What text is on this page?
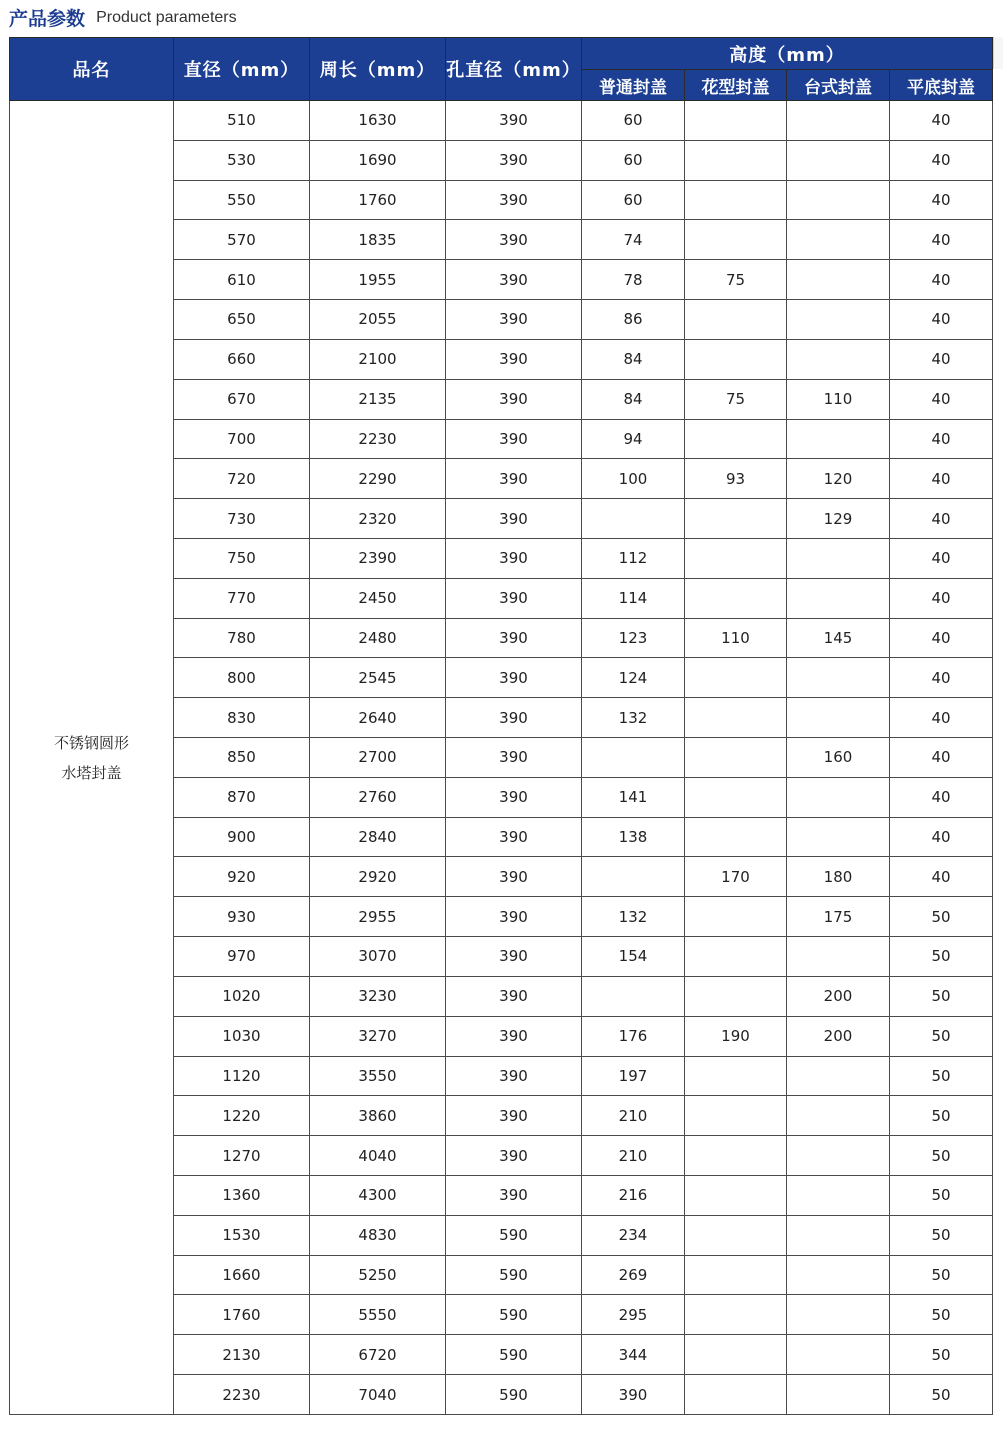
产品参数 Product parameters
品名	直径（mm）	周长（mm）	孔直径（mm）	高度（mm）			
				普通封盖	花型封盖	台式封盖	平底封盖

不锈钢圆形
水塔封盖	510	1630	390	60			40
	530	1690	390	60			40
	550	1760	390	60			40
	570	1835	390	74			40
	610	1955	390	78	75		40
	650	2055	390	86			40
	660	2100	390	84			40
	670	2135	390	84	75	110	40
	700	2230	390	94			40
	720	2290	390	100	93	120	40
	730	2320	390			129	40
	750	2390	390	112			40
	770	2450	390	114			40
	780	2480	390	123	110	145	40
	800	2545	390	124			40
	830	2640	390	132			40
	850	2700	390			160	40
	870	2760	390	141			40
	900	2840	390	138			40
	920	2920	390		170	180	40
	930	2955	390	132		175	50
	970	3070	390	154			50
	1020	3230	390			200	50
	1030	3270	390	176	190	200	50
	1120	3550	390	197			50
	1220	3860	390	210			50
	1270	4040	390	210			50
	1360	4300	390	216			50
	1530	4830	590	234			50
	1660	5250	590	269			50
	1760	5550	590	295			50
	2130	6720	590	344			50
	2230	7040	590	390			50
